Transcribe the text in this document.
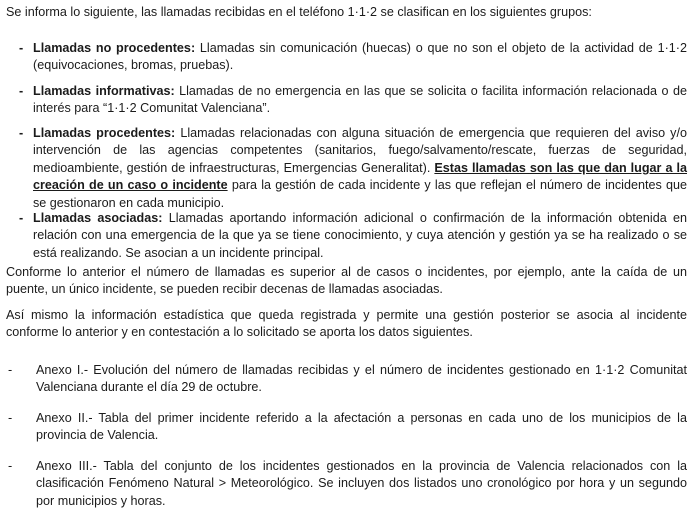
Se informa lo siguiente, las llamadas recibidas en el teléfono 1·1·2 se clasifican en los siguientes grupos:

- Llamadas no procedentes: Llamadas sin comunicación (huecas) o que no son el objeto de la actividad de 1·1·2 (equivocaciones, bromas, pruebas).

- Llamadas informativas: Llamadas de no emergencia en las que se solicita o facilita información relacionada o de interés para “1·1·2 Comunitat Valenciana”.

- Llamadas procedentes: Llamadas relacionadas con alguna situación de emergencia que requieren del aviso y/o intervención de las agencias competentes (sanitarios, fuego/salvamento/rescate, fuerzas de seguridad, medioambiente, gestión de infraestructuras, Emergencias Generalitat). Estas llamadas son las que dan lugar a la creación de un caso o incidente para la gestión de cada incidente y las que reflejan el número de incidentes que se gestionaron en cada municipio.

- Llamadas asociadas: Llamadas aportando información adicional o confirmación de la información obtenida en relación con una emergencia de la que ya se tiene conocimiento, y cuya atención y gestión ya se ha realizado o se está realizando. Se asocian a un incidente principal.

Conforme lo anterior el número de llamadas es superior al de casos o incidentes, por ejemplo, ante la caída de un puente, un único incidente, se pueden recibir decenas de llamadas asociadas.

Así mismo la información estadística que queda registrada y permite una gestión posterior se asocia al incidente conforme lo anterior y en contestación a lo solicitado se aporta los datos siguientes.

- Anexo I.- Evolución del número de llamadas recibidas y el número de incidentes gestionado en 1·1·2 Comunitat Valenciana durante el día 29 de octubre.

- Anexo II.- Tabla del primer incidente referido a la afectación a personas en cada uno de los municipios de la provincia de Valencia.

- Anexo III.- Tabla del conjunto de los incidentes gestionados en la provincia de Valencia relacionados con la clasificación Fenómeno Natural > Meteorológico. Se incluyen dos listados uno cronológico por hora y un segundo por municipios y horas.
